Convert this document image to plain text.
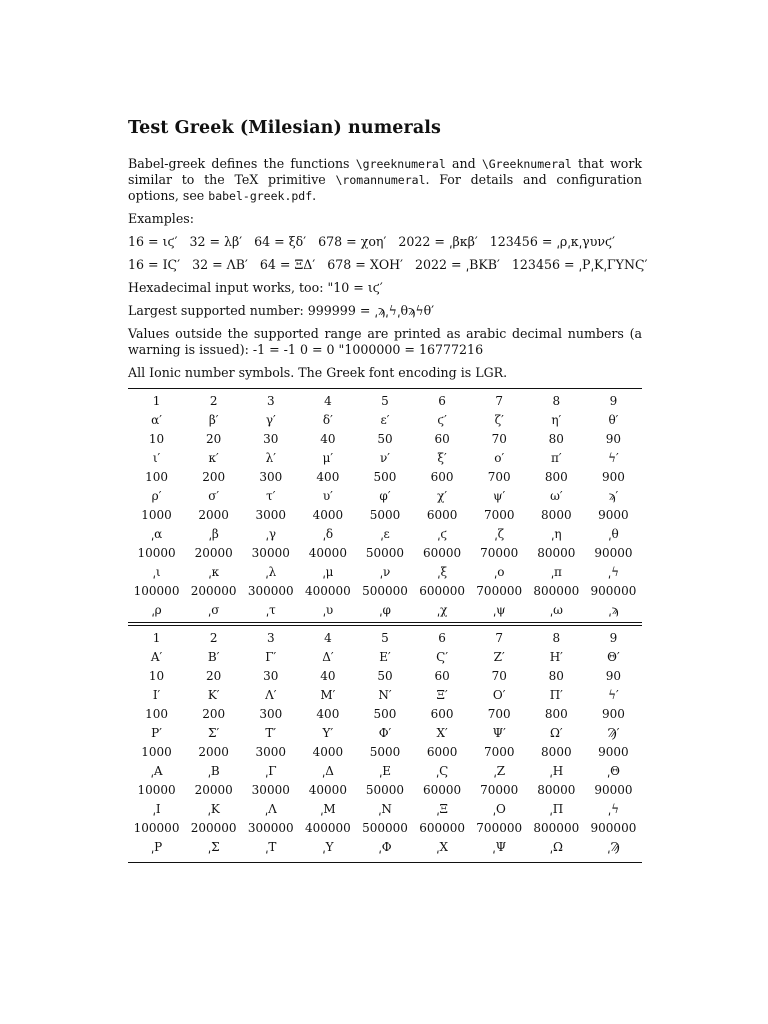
Test Greek (Milesian) numerals

Babel-greek defines the functions \greeknumeral and \Greeknumeral that work similar to the TeX primitive \romannumeral. For details and configuration options, see babel-greek.pdf.

Examples:

16 = ιϛ′ 32 = λβ′ 64 = ξδ′ 678 = χοη′ 2022 = ͵βκβ′ 123456 = ͵ρ͵κ͵γυνϛ′
16 = ΙϚ′ 32 = ΛΒ′ 64 = ΞΔ′ 678 = ΧΟΗ′ 2022 = ͵ΒΚΒ′ 123456 = ͵Ρ͵Κ͵ΓΥΝϚ′

Hexadecimal input works, too: "10 = ιϛ′

Largest supported number: 999999 = ͵ϡ͵ϟ͵θϡϟθ′

Values outside the supported range are printed as arabic decimal numbers (a warning is issued): -1 = -1 0 = 0 "1000000 = 16777216

All Ionic number symbols. The Greek font encoding is LGR.

1	2	3	4	5	6	7	8	9
α′	β′	γ′	δ′	ε′	ϛ′	ζ′	η′	θ′
10	20	30	40	50	60	70	80	90
ι′	κ′	λ′	μ′	ν′	ξ′	ο′	π′	ϟ′
100	200	300	400	500	600	700	800	900
ρ′	σ′	τ′	υ′	φ′	χ′	ψ′	ω′	ϡ′
1000	2000	3000	4000	5000	6000	7000	8000	9000
͵α	͵β	͵γ	͵δ	͵ε	͵ϛ	͵ζ	͵η	͵θ
10000	20000	30000	40000	50000	60000	70000	80000	90000
͵ι	͵κ	͵λ	͵μ	͵ν	͵ξ	͵ο	͵π	͵ϟ
100000	200000	300000	400000	500000	600000	700000	800000	900000
͵ρ	͵σ	͵τ	͵υ	͵φ	͵χ	͵ψ	͵ω	͵ϡ
1	2	3	4	5	6	7	8	9
Α′	Β′	Γ′	Δ′	Ε′	Ϛ′	Ζ′	Η′	Θ′
10	20	30	40	50	60	70	80	90
Ι′	Κ′	Λ′	Μ′	Ν′	Ξ′	Ο′	Π′	ϟ′
100	200	300	400	500	600	700	800	900
Ρ′	Σ′	Τ′	Υ′	Φ′	Χ′	Ψ′	Ω′	Ϡ′
1000	2000	3000	4000	5000	6000	7000	8000	9000
͵Α	͵Β	͵Γ	͵Δ	͵Ε	͵Ϛ	͵Ζ	͵Η	͵Θ
10000	20000	30000	40000	50000	60000	70000	80000	90000
͵Ι	͵Κ	͵Λ	͵Μ	͵Ν	͵Ξ	͵Ο	͵Π	͵ϟ
100000	200000	300000	400000	500000	600000	700000	800000	900000
͵Ρ	͵Σ	͵Τ	͵Υ	͵Φ	͵Χ	͵Ψ	͵Ω	͵Ϡ
